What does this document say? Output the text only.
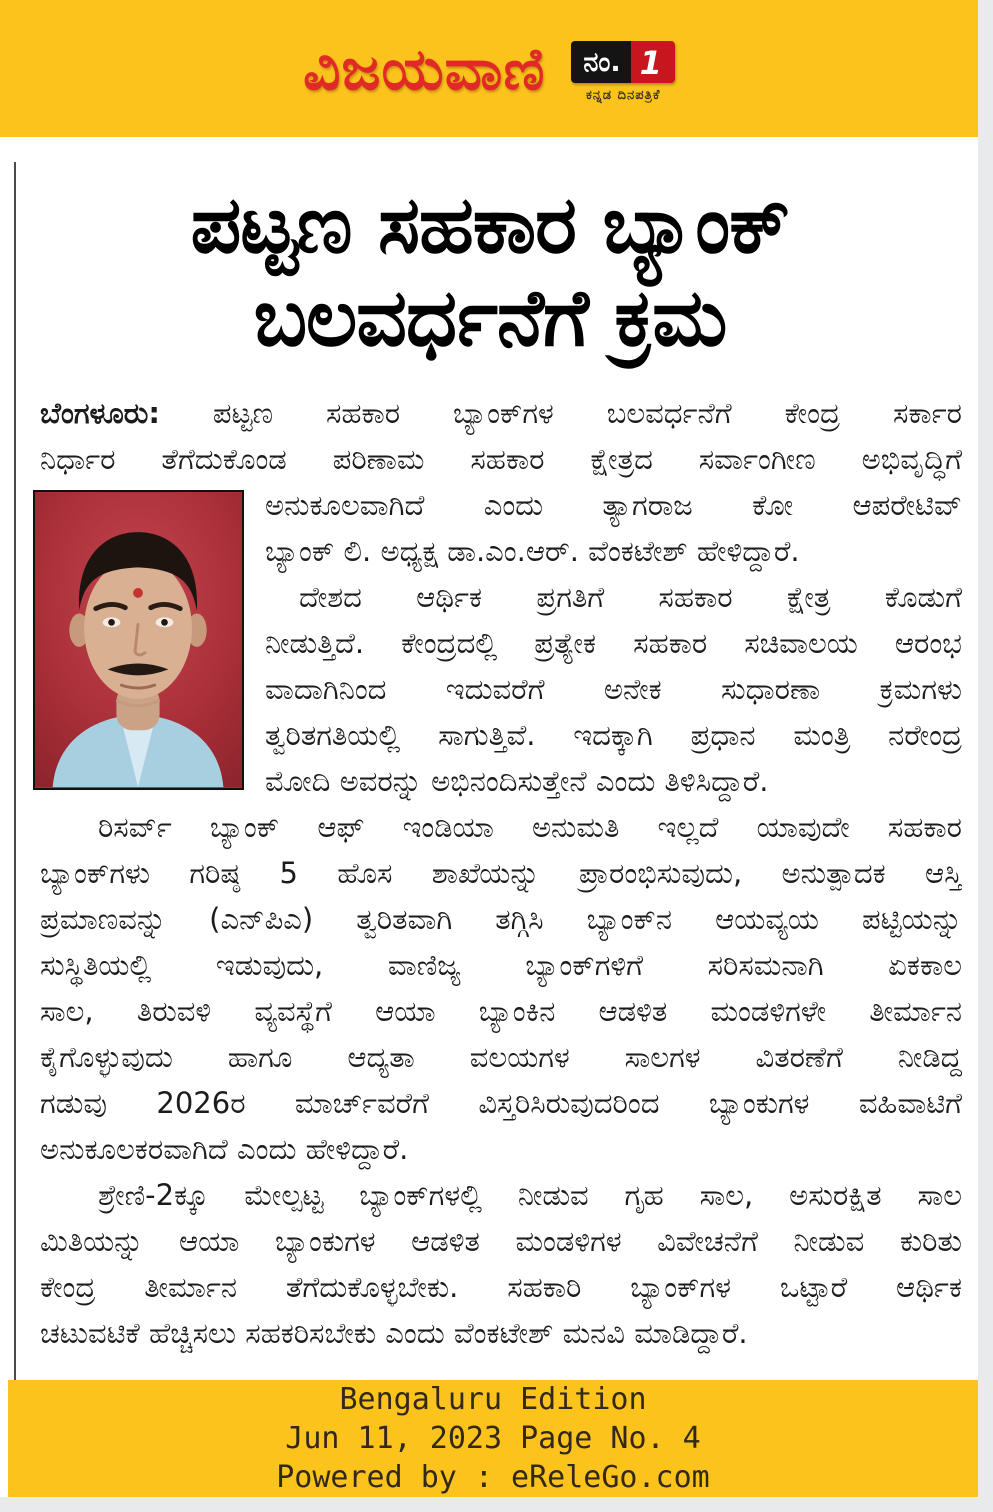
ವಿಜಯವಾಣಿ	ನಂ. 1
ಕನ್ನಡ ದಿನಪತ್ರಿಕೆ
ಪಟ್ಟಣ ಸಹಕಾರ ಬ್ಯಾಂಕ್
ಬಲವರ್ಧನೆಗೆ ಕ್ರಮ
ಬೆಂಗಳೂರು: ಪಟ್ಟಣ ಸಹಕಾರ ಬ್ಯಾಂಕ್‌ಗಳ ಬಲವರ್ಧನೆಗೆ ಕೇಂದ್ರ ಸರ್ಕಾರ
ನಿರ್ಧಾರ ತೆಗೆದುಕೊಂಡ ಪರಿಣಾಮ ಸಹಕಾರ ಕ್ಷೇತ್ರದ ಸರ್ವಾಂಗೀಣ ಅಭಿವೃದ್ಧಿಗೆ
ಅನುಕೂಲವಾಗಿದೆ ಎಂದು ತ್ಯಾಗರಾಜ ಕೋ ಆಪರೇಟಿವ್
ಬ್ಯಾಂಕ್ ಲಿ. ಅಧ್ಯಕ್ಷ ಡಾ.ಎಂ.ಆರ್. ವೆಂಕಟೇಶ್ ಹೇಳಿದ್ದಾರೆ.
ದೇಶದ ಆರ್ಥಿಕ ಪ್ರಗತಿಗೆ ಸಹಕಾರ ಕ್ಷೇತ್ರ ಕೊಡುಗೆ
ನೀಡುತ್ತಿದೆ. ಕೇಂದ್ರದಲ್ಲಿ ಪ್ರತ್ಯೇಕ ಸಹಕಾರ ಸಚಿವಾಲಯ ಆರಂಭ
ವಾದಾಗಿನಿಂದ ಇದುವರೆಗೆ ಅನೇಕ ಸುಧಾರಣಾ ಕ್ರಮಗಳು
ತ್ವರಿತಗತಿಯಲ್ಲಿ ಸಾಗುತ್ತಿವೆ. ಇದಕ್ಕಾಗಿ ಪ್ರಧಾನ ಮಂತ್ರಿ ನರೇಂದ್ರ
ಮೋದಿ ಅವರನ್ನು ಅಭಿನಂದಿಸುತ್ತೇನೆ ಎಂದು ತಿಳಿಸಿದ್ದಾರೆ.
ರಿಸರ್ವ್ ಬ್ಯಾಂಕ್ ಆಫ್ ಇಂಡಿಯಾ ಅನುಮತಿ ಇಲ್ಲದೆ ಯಾವುದೇ ಸಹಕಾರ
ಬ್ಯಾಂಕ್‌ಗಳು ಗರಿಷ್ಠ 5 ಹೊಸ ಶಾಖೆಯನ್ನು ಪ್ರಾರಂಭಿಸುವುದು, ಅನುತ್ಪಾದಕ ಆಸ್ತಿ
ಪ್ರಮಾಣವನ್ನು (ಎನ್‌ಪಿಎ) ತ್ವರಿತವಾಗಿ ತಗ್ಗಿಸಿ ಬ್ಯಾಂಕ್‌ನ ಆಯವ್ಯಯ ಪಟ್ಟಿಯನ್ನು
ಸುಸ್ಥಿತಿಯಲ್ಲಿ ಇಡುವುದು, ವಾಣಿಜ್ಯ ಬ್ಯಾಂಕ್‌ಗಳಿಗೆ ಸರಿಸಮನಾಗಿ ಏಕಕಾಲ
ಸಾಲ, ತಿರುವಳಿ ವ್ಯವಸ್ಥೆಗೆ ಆಯಾ ಬ್ಯಾಂಕಿನ ಆಡಳಿತ ಮಂಡಳಿಗಳೇ ತೀರ್ಮಾನ
ಕೈಗೊಳ್ಳುವುದು ಹಾಗೂ ಆದ್ಯತಾ ವಲಯಗಳ ಸಾಲಗಳ ವಿತರಣೆಗೆ ನೀಡಿದ್ದ
ಗಡುವು 2026ರ ಮಾರ್ಚ್‌ವರೆಗೆ ವಿಸ್ತರಿಸಿರುವುದರಿಂದ ಬ್ಯಾಂಕುಗಳ ವಹಿವಾಟಿಗೆ
ಅನುಕೂಲಕರವಾಗಿದೆ ಎಂದು ಹೇಳಿದ್ದಾರೆ.
ಶ್ರೇಣಿ-2ಕ್ಕೂ ಮೇಲ್ಪಟ್ಟ ಬ್ಯಾಂಕ್‌ಗಳಲ್ಲಿ ನೀಡುವ ಗೃಹ ಸಾಲ, ಅಸುರಕ್ಷಿತ ಸಾಲ
ಮಿತಿಯನ್ನು ಆಯಾ ಬ್ಯಾಂಕುಗಳ ಆಡಳಿತ ಮಂಡಳಿಗಳ ವಿವೇಚನೆಗೆ ನೀಡುವ ಕುರಿತು
ಕೇಂದ್ರ ತೀರ್ಮಾನ ತೆಗೆದುಕೊಳ್ಳಬೇಕು. ಸಹಕಾರಿ ಬ್ಯಾಂಕ್‌ಗಳ ಒಟ್ಟಾರೆ ಆರ್ಥಿಕ
ಚಟುವಟಿಕೆ ಹೆಚ್ಚಿಸಲು ಸಹಕರಿಸಬೇಕು ಎಂದು ವೆಂಕಟೇಶ್ ಮನವಿ ಮಾಡಿದ್ದಾರೆ.
Bengaluru Edition
Jun 11, 2023 Page No. 4
Powered by : eReleGo.com
